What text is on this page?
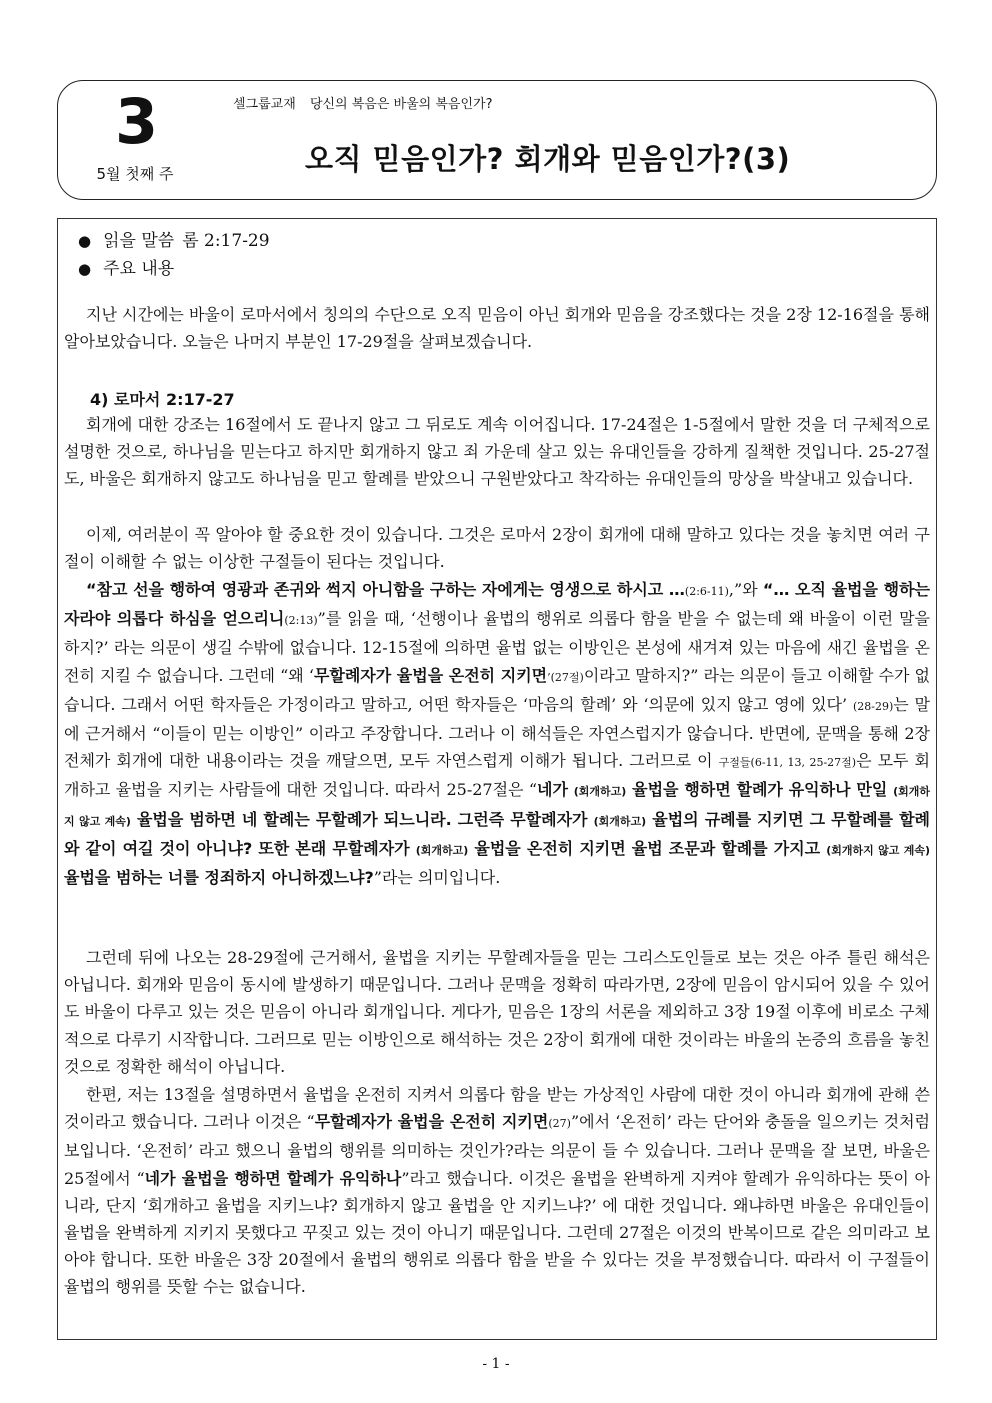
3
5월 첫째 주
셀그룹교재 당신의 복음은 바울의 복음인가?
오직 믿음인가? 회개와 믿음인가?(3)
● 읽을 말씀 롬 2:17-29
● 주요 내용

지난 시간에는 바울이 로마서에서 칭의의 수단으로 오직 믿음이 아닌 회개와 믿음을 강조했다는 것을 2장 12-16절을 통해 알아보았습니다. 오늘은 나머지 부분인 17-29절을 살펴보겠습니다.

4) 로마서 2:17-27

회개에 대한 강조는 16절에서 도 끝나지 않고 그 뒤로도 계속 이어집니다. 17-24절은 1-5절에서 말한 것을 더 구체적으로 설명한 것으로, 하나님을 믿는다고 하지만 회개하지 않고 죄 가운데 살고 있는 유대인들을 강하게 질책한 것입니다. 25-27절도, 바울은 회개하지 않고도 하나님을 믿고 할례를 받았으니 구원받았다고 착각하는 유대인들의 망상을 박살내고 있습니다.

이제, 여러분이 꼭 알아야 할 중요한 것이 있습니다. 그것은 로마서 2장이 회개에 대해 말하고 있다는 것을 놓치면 여러 구절이 이해할 수 없는 이상한 구절들이 된다는 것입니다.

“참고 선을 행하여 영광과 존귀와 썩지 아니함을 구하는 자에게는 영생으로 하시고 …(2:6-11),”와 “… 오직 율법을 행하는 자라야 의롭다 하심을 얻으리니(2:13)”를 읽을 때, ‘선행이나 율법의 행위로 의롭다 함을 받을 수 없는데 왜 바울이 이런 말을 하지?’ 라는 의문이 생길 수밖에 없습니다. 12-15절에 의하면 율법 없는 이방인은 본성에 새겨져 있는 마음에 새긴 율법을 온전히 지킬 수 없습니다. 그런데 “왜 ‘무할례자가 율법을 온전히 지키면’(27절)이라고 말하지?” 라는 의문이 들고 이해할 수가 없습니다. 그래서 어떤 학자들은 가정이라고 말하고, 어떤 학자들은 ‘마음의 할례’ 와 ‘의문에 있지 않고 영에 있다’ (28-29)는 말에 근거해서 “이들이 믿는 이방인” 이라고 주장합니다. 그러나 이 해석들은 자연스럽지가 않습니다. 반면에, 문맥을 통해 2장 전체가 회개에 대한 내용이라는 것을 깨달으면, 모두 자연스럽게 이해가 됩니다. 그러므로 이 구절들(6-11, 13, 25-27절)은 모두 회개하고 율법을 지키는 사람들에 대한 것입니다. 따라서 25-27절은 “네가 (회개하고) 율법을 행하면 할례가 유익하나 만일 (회개하지 않고 계속) 율법을 범하면 네 할례는 무할례가 되느니라. 그런즉 무할례자가 (회개하고) 율법의 규례를 지키면 그 무할례를 할례와 같이 여길 것이 아니냐? 또한 본래 무할례자가 (회개하고) 율법을 온전히 지키면 율법 조문과 할례를 가지고 (회개하지 않고 계속) 율법을 범하는 너를 정죄하지 아니하겠느냐?”라는 의미입니다.

그런데 뒤에 나오는 28-29절에 근거해서, 율법을 지키는 무할례자들을 믿는 그리스도인들로 보는 것은 아주 틀린 해석은 아닙니다. 회개와 믿음이 동시에 발생하기 때문입니다. 그러나 문맥을 정확히 따라가면, 2장에 믿음이 암시되어 있을 수 있어도 바울이 다루고 있는 것은 믿음이 아니라 회개입니다. 게다가, 믿음은 1장의 서론을 제외하고 3장 19절 이후에 비로소 구체적으로 다루기 시작합니다. 그러므로 믿는 이방인으로 해석하는 것은 2장이 회개에 대한 것이라는 바울의 논증의 흐름을 놓친 것으로 정확한 해석이 아닙니다.

한편, 저는 13절을 설명하면서 율법을 온전히 지켜서 의롭다 함을 받는 가상적인 사람에 대한 것이 아니라 회개에 관해 쓴 것이라고 했습니다. 그러나 이것은 “무할례자가 율법을 온전히 지키면(27)”에서 ‘온전히’ 라는 단어와 충돌을 일으키는 것처럼 보입니다. ‘온전히’ 라고 했으니 율법의 행위를 의미하는 것인가?라는 의문이 들 수 있습니다. 그러나 문맥을 잘 보면, 바울은 25절에서 “네가 율법을 행하면 할례가 유익하나”라고 했습니다. 이것은 율법을 완벽하게 지켜야 할례가 유익하다는 뜻이 아니라, 단지 ‘회개하고 율법을 지키느냐? 회개하지 않고 율법을 안 지키느냐?’ 에 대한 것입니다. 왜냐하면 바울은 유대인들이 율법을 완벽하게 지키지 못했다고 꾸짖고 있는 것이 아니기 때문입니다. 그런데 27절은 이것의 반복이므로 같은 의미라고 보아야 합니다. 또한 바울은 3장 20절에서 율법의 행위로 의롭다 함을 받을 수 있다는 것을 부정했습니다. 따라서 이 구절들이 율법의 행위를 뜻할 수는 없습니다.

- 1 -
